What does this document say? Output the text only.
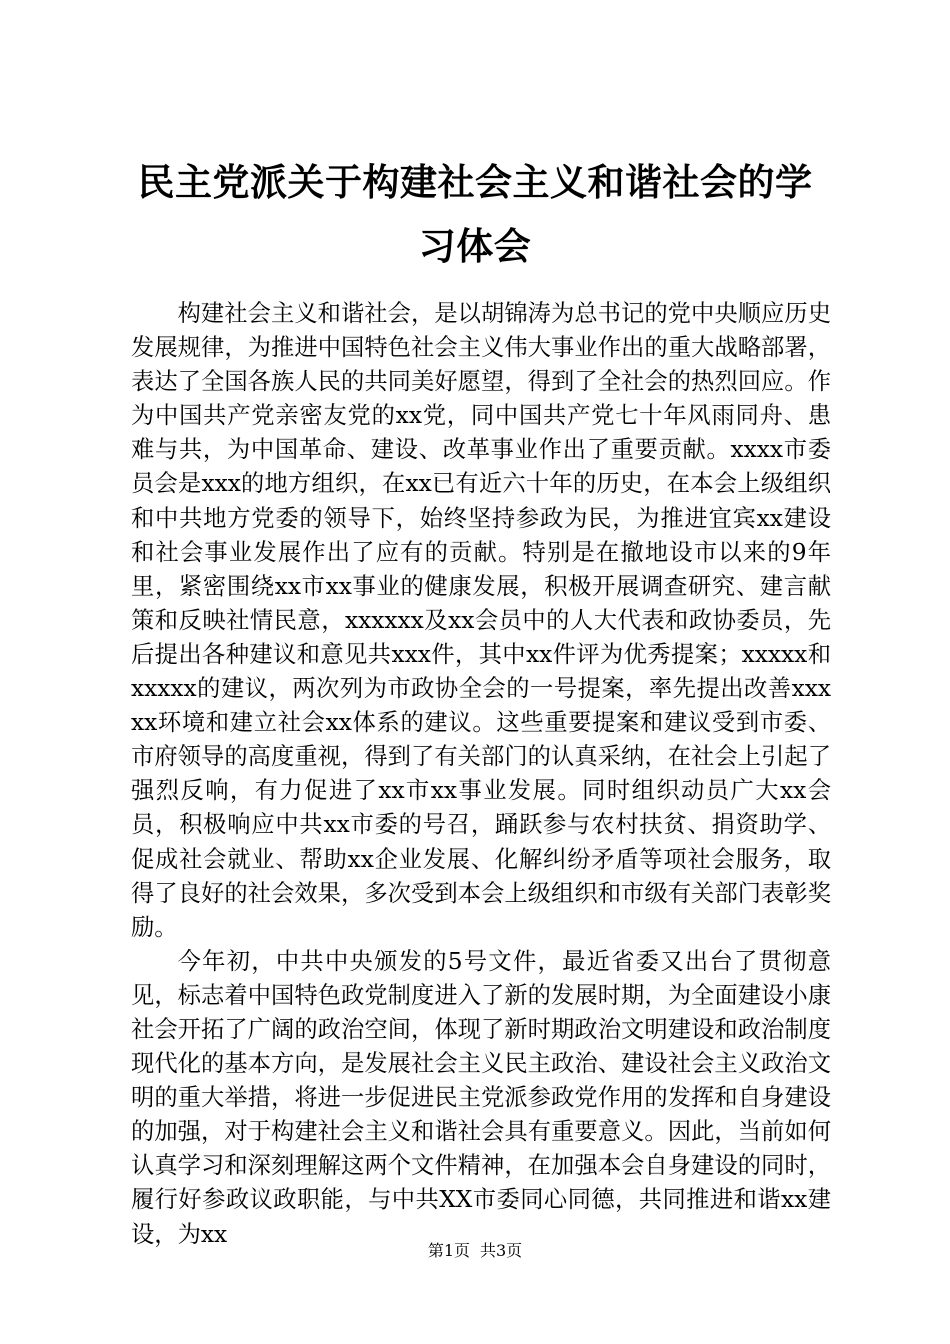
民主党派关于构建社会主义和谐社会的学习体会

构建社会主义和谐社会，是以胡锦涛为总书记的党中央顺应历史发展规律，为推进中国特色社会主义伟大事业作出的重大战略部署，表达了全国各族人民的共同美好愿望，得到了全社会的热烈回应。作为中国共产党亲密友党的xx党，同中国共产党七十年风雨同舟、患难与共，为中国革命、建设、改革事业作出了重要贡献。xxxx市委员会是xxx的地方组织，在xx已有近六十年的历史，在本会上级组织和中共地方党委的领导下，始终坚持参政为民，为推进宜宾xx建设和社会事业发展作出了应有的贡献。特别是在撤地设市以来的9年里，紧密围绕xx市xx事业的健康发展，积极开展调查研究、建言献策和反映社情民意，xxxxxx及xx会员中的人大代表和政协委员，先后提出各种建议和意见共xxx件，其中xx件评为优秀提案；xxxxx和xxxxx的建议，两次列为市政协全会的一号提案，率先提出改善xxxxx环境和建立社会xx体系的建议。这些重要提案和建议受到市委、市府领导的高度重视，得到了有关部门的认真采纳，在社会上引起了强烈反响，有力促进了xx市xx事业发展。同时组织动员广大xx会员，积极响应中共xx市委的号召，踊跃参与农村扶贫、捐资助学、促成社会就业、帮助xx企业发展、化解纠纷矛盾等项社会服务，取得了良好的社会效果，多次受到本会上级组织和市级有关部门表彰奖励。

今年初，中共中央颁发的5号文件，最近省委又出台了贯彻意见，标志着中国特色政党制度进入了新的发展时期，为全面建设小康社会开拓了广阔的政治空间，体现了新时期政治文明建设和政治制度现代化的基本方向，是发展社会主义民主政治、建设社会主义政治文明的重大举措，将进一步促进民主党派参政党作用的发挥和自身建设的加强，对于构建社会主义和谐社会具有重要意义。因此，当前如何认真学习和深刻理解这两个文件精神，在加强本会自身建设的同时，履行好参政议政职能，与中共XX市委同心同德，共同推进和谐xx建设，为xx

第1页 共3页
